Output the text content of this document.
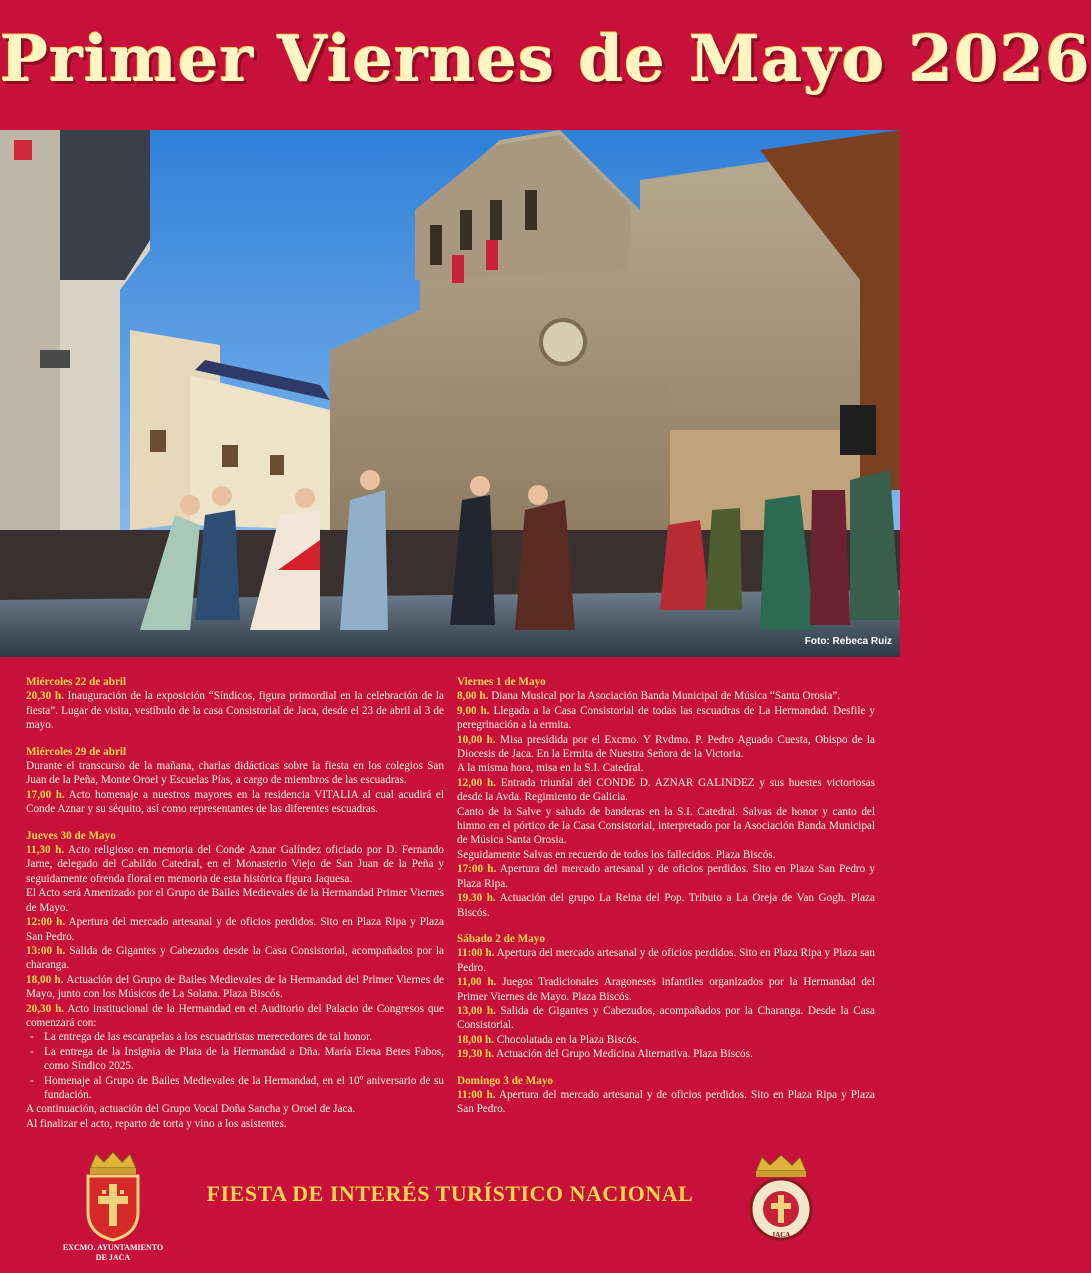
Primer Viernes de Mayo 2026
Foto: Rebeca Ruiz
Miércoles 22 de abril

20,30 h. Inauguración de la exposición “Síndicos, figura primordial en la celebración de la fiesta”. Lugar de visita, vestíbulo de la casa Consistorial de Jaca, desde el 23 de abril al 3 de mayo.

Miércoles 29 de abril

Durante el transcurso de la mañana, charlas didácticas sobre la fiesta en los colegios San Juan de la Peña, Monte Oroel y Escuelas Pías, a cargo de miembros de las escuadras.

17,00 h. Acto homenaje a nuestros mayores en la residencia VITALIA al cual acudirá el Conde Aznar y su séquito, así como representantes de las diferentes escuadras.

Jueves 30 de Mayo

11,30 h. Acto religioso en memoria del Conde Aznar Galíndez oficiado por D. Fernando Jarne, delegado del Cabildo Catedral, en el Monasterio Viejo de San Juan de la Peña y seguidamente ofrenda floral en memoria de esta histórica figura Jaquesa.

El Acto será Amenizado por el Grupo de Bailes Medievales de la Hermandad Primer Viernes de Mayo.

12:00 h. Apertura del mercado artesanal y de oficios perdidos. Sito en Plaza Ripa y Plaza San Pedro.

13:00 h. Salida de Gigantes y Cabezudos desde la Casa Consistorial, acompañados por la charanga.

18,00 h. Actuación del Grupo de Bailes Medievales de la Hermandad del Primer Viernes de Mayo, junto con los Músicos de La Solana. Plaza Biscós.

20,30 h. Acto institucional de la Hermandad en el Auditorio del Palacio de Congresos que comenzará con:

- La entrega de las escarapelas a los escuadristas merecedores de tal honor.
- La entrega de la Insignia de Plata de la Hermandad a Dña. María Elena Betes Fabos, como Síndico 2025.
- Homenaje al Grupo de Bailes Medievales de la Hermandad, en el 10º aniversario de su fundación.

A continuación, actuación del Grupo Vocal Doña Sancha y Oroel de Jaca.

Al finalizar el acto, reparto de torta y vino a los asistentes.

Viernes 1 de Mayo

8,00 h. Diana Musical por la Asociación Banda Municipal de Música “Santa Orosia”.

9,00 h. Llegada a la Casa Consistorial de todas las escuadras de La Hermandad. Desfile y peregrinación a la ermita.

10,00 h. Misa presidida por el Excmo. Y Rvdmo. P. Pedro Aguado Cuesta, Obispo de la Diocesis de Jaca. En la Ermita de Nuestra Señora de la Victoria.

A la misma hora, misa en la S.I. Catedral.

12,00 h. Entrada triunfal del CONDE D. AZNAR GALINDEZ y sus huestes victoriosas desde la Avda. Regimiento de Galicia.

Canto de la Salve y saludo de banderas en la S.I. Catedral. Salvas de honor y canto del himno en el pórtico de la Casa Consistorial, interpretado por la Asociación Banda Municipal de Música Santa Orosia.

Seguidamente Salvas en recuerdo de todos los fallecidos. Plaza Biscós.

17:00 h. Apertura del mercado artesanal y de oficios perdidos. Sito en Plaza San Pedro y Plaza Ripa.

19.30 h. Actuación del grupo La Reina del Pop. Tributo a La Oreja de Van Gogh. Plaza Biscós.

Sábado 2 de Mayo

11:00 h. Apertura del mercado artesanal y de oficios perdidos. Sito en Plaza Ripa y Plaza san Pedro.

11,00 h. Juegos Tradicionales Aragoneses infantiles organizados por la Hermandad del Primer Viernes de Mayo. Plaza Biscós.

13,00 h. Salida de Gigantes y Cabezudos, acompañados por la Charanga. Desde la Casa Consistorial.

18,00 h. Chocolatada en la Plaza Biscós.

19,30 h. Actuación del Grupo Medicina Alternativa. Plaza Biscós.

Domingo 3 de Mayo

11:00 h. Apertura del mercado artesanal y de oficios perdidos. Sito en Plaza Ripa y Plaza San Pedro.

EXCMO. AYUNTAMIENTO
DE JACA
FIESTA DE INTERÉS TURÍSTICO NACIONAL
JACA
